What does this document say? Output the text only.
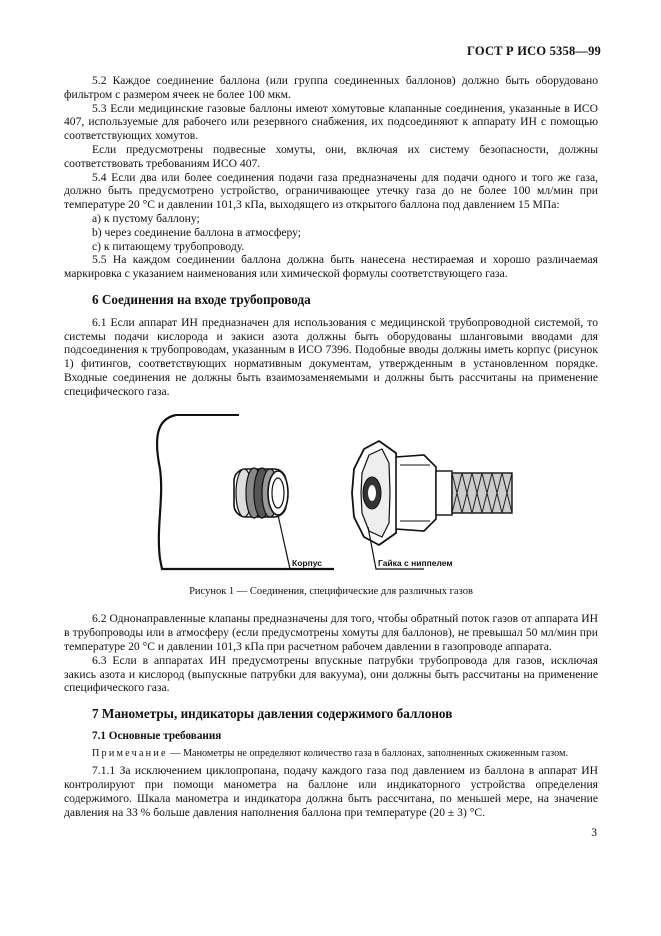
ГОСТ Р ИСО 5358—99

5.2 Каждое соединение баллона (или группа соединенных баллонов) должно быть оборудовано фильтром с размером ячеек не более 100 мкм.

5.3 Если медицинские газовые баллоны имеют хомутовые клапанные соединения, указанные в ИСО 407, используемые для рабочего или резервного снабжения, их подсоединяют к аппарату ИН с помощью соответствующих хомутов.

Если предусмотрены подвесные хомуты, они, включая их систему безопасности, должны соответствовать требованиям ИСО 407.

5.4 Если два или более соединения подачи газа предназначены для подачи одного и того же газа, должно быть предусмотрено устройство, ограничивающее утечку газа до не более 100 мл/мин при температуре 20 °С и давлении 101,3 кПа, выходящего из открытого баллона под давлением 15 МПа:

a) к пустому баллону;

b) через соединение баллона в атмосферу;

c) к питающему трубопроводу.

5.5 На каждом соединении баллона должна быть нанесена нестираемая и хорошо различаемая маркировка с указанием наименования или химической формулы соответствующего газа.

6 Соединения на входе трубопровода

6.1 Если аппарат ИН предназначен для использования с медицинской трубопроводной системой, то системы подачи кислорода и закиси азота должны быть оборудованы шланговыми вводами для подсоединения к трубопроводам, указанным в ИСО 7396. Подобные вводы должны иметь корпус (рисунок 1) фитингов, соответствующих нормативным документам, утвержденным в установленном порядке. Входные соединения не должны быть взаимозаменяемыми и должны быть рассчитаны на применение специфического газа.

Корпус	Гайка с ниппелем

Рисунок 1 — Соединения, специфические для различных газов

6.2 Однонаправленные клапаны предназначены для того, чтобы обратный поток газов от аппарата ИН в трубопроводы или в атмосферу (если предусмотрены хомуты для баллонов), не превышал 50 мл/мин при температуре 20 °С и давлении 101,3 кПа при расчетном рабочем давлении в газопроводе аппарата.

6.3 Если в аппаратах ИН предусмотрены впускные патрубки трубопровода для газов, исключая закись азота и кислород (выпускные патрубки для вакуума), они должны быть рассчитаны на применение специфического газа.

7 Манометры, индикаторы давления содержимого баллонов

7.1 Основные требования

Примечание — Манометры не определяют количество газа в баллонах, заполненных сжиженным газом.

7.1.1 За исключением циклопропана, подачу каждого газа под давлением из баллона в аппарат ИН контролируют при помощи манометра на баллоне или индикаторного устройства определения содержимого. Шкала манометра и индикатора должна быть рассчитана, по меньшей мере, на значение давления на 33 % больше давления наполнения баллона при температуре (20 ± 3) °С.

3
